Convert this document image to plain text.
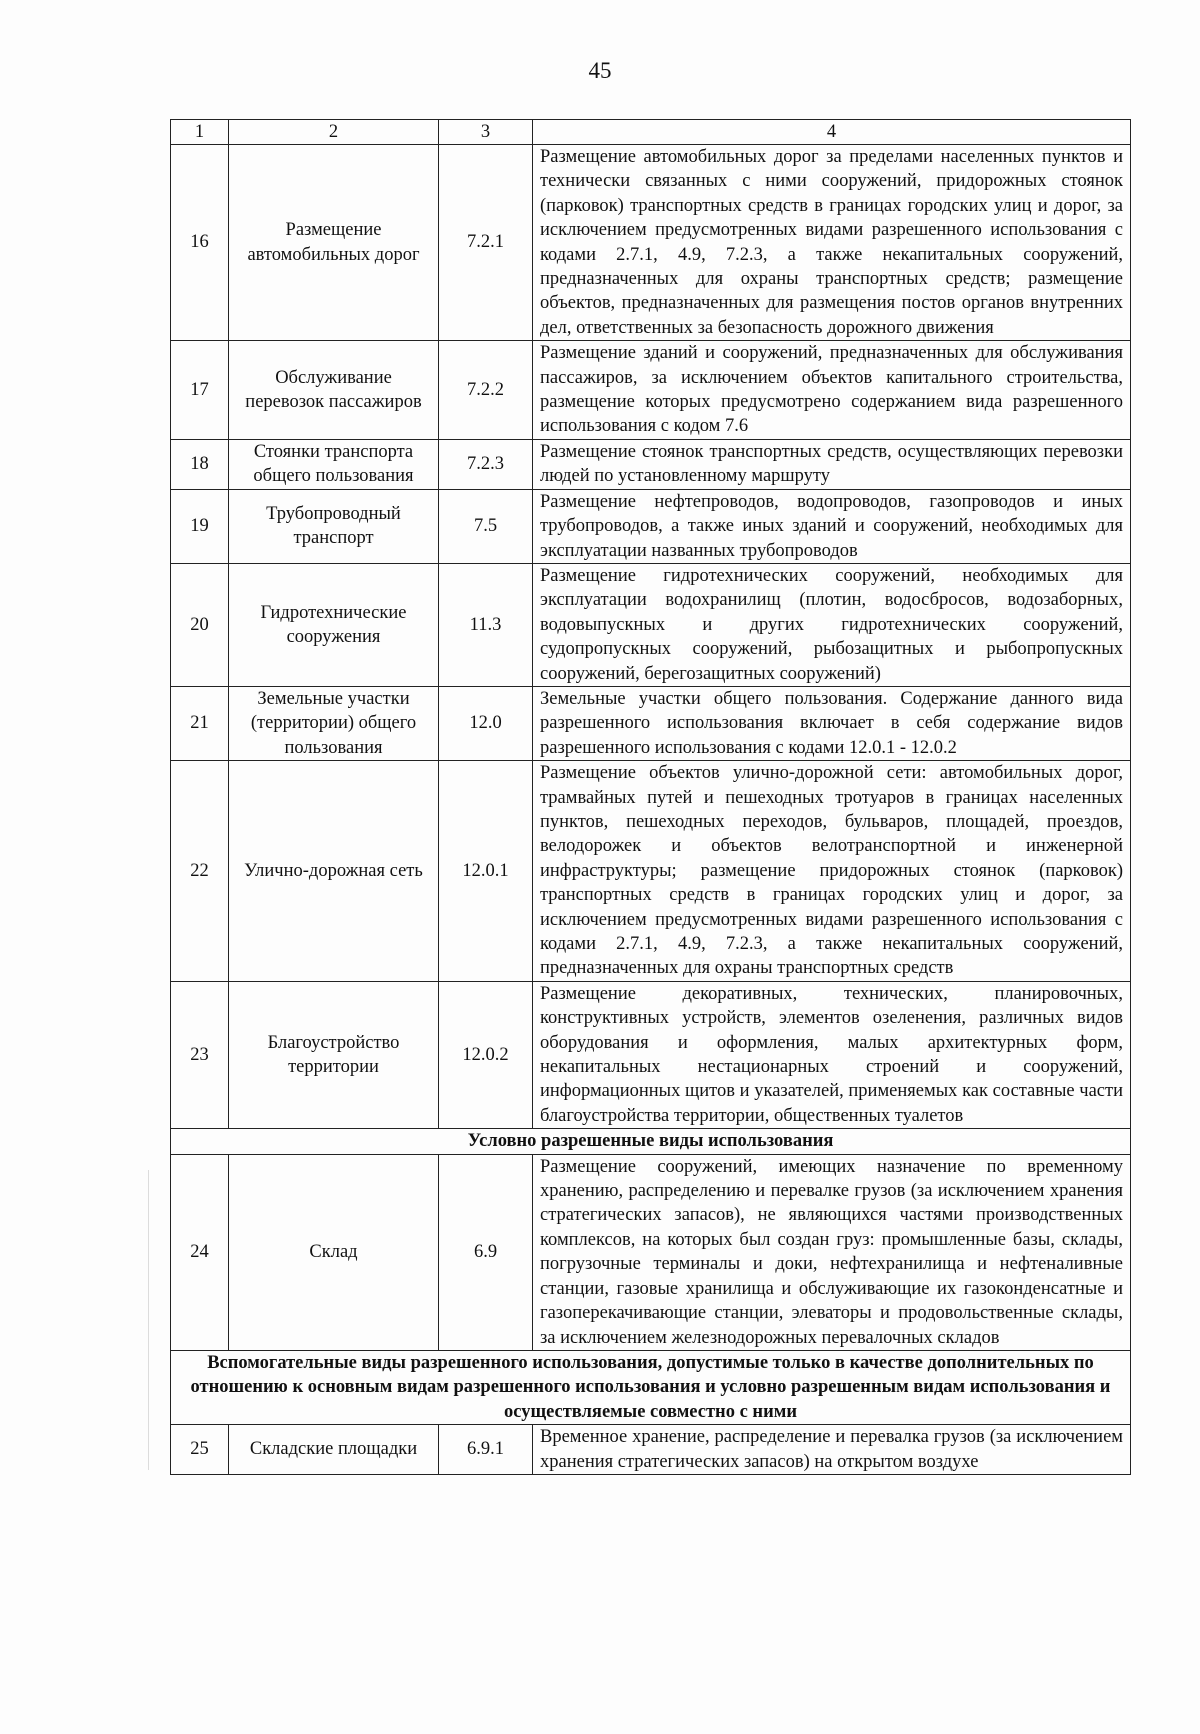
45
1	2	3	4
16	Размещение автомобильных дорог	7.2.1	Размещение автомобильных дорог за пределами населенных пунктов и технически связанных с ними сооружений, придорожных стоянок (парковок) транспортных средств в границах городских улиц и дорог, за исключением предусмотренных видами разрешенного использования с кодами 2.7.1, 4.9, 7.2.3, а также некапитальных сооружений, предназначенных для охраны транспортных средств; размещение объектов, предназначенных для размещения постов органов внутренних дел, ответственных за безопасность дорожного движения
17	Обслуживание перевозок пассажиров	7.2.2	Размещение зданий и сооружений, предназначенных для обслуживания пассажиров, за исключением объектов капитального строительства, размещение которых предусмотрено содержанием вида разрешенного использования с кодом 7.6
18	Стоянки транспорта общего пользования	7.2.3	Размещение стоянок транспортных средств, осуществляющих перевозки людей по установленному маршруту
19	Трубопроводный транспорт	7.5	Размещение нефтепроводов, водопроводов, газопроводов и иных трубопроводов, а также иных зданий и сооружений, необходимых для эксплуатации названных трубопроводов
20	Гидротехнические сооружения	11.3	Размещение гидротехнических сооружений, необходимых для эксплуатации водохранилищ (плотин, водосбросов, водозаборных, водовыпускных и других гидротехнических сооружений, судопропускных сооружений, рыбозащитных и рыбопропускных сооружений, берегозащитных сооружений)
21	Земельные участки (территории) общего пользования	12.0	Земельные участки общего пользования. Содержание данного вида разрешенного использования включает в себя содержание видов разрешенного использования с кодами 12.0.1 - 12.0.2
22	Улично-дорожная сеть	12.0.1	Размещение объектов улично-дорожной сети: автомобильных дорог, трамвайных путей и пешеходных тротуаров в границах населенных пунктов, пешеходных переходов, бульваров, площадей, проездов, велодорожек и объектов велотранспортной и инженерной инфраструктуры; размещение придорожных стоянок (парковок) транспортных средств в границах городских улиц и дорог, за исключением предусмотренных видами разрешенного использования с кодами 2.7.1, 4.9, 7.2.3, а также некапитальных сооружений, предназначенных для охраны транспортных средств
23	Благоустройство территории	12.0.2	Размещение декоративных, технических, планировочных, конструктивных устройств, элементов озеленения, различных видов оборудования и оформления, малых архитектурных форм, некапитальных нестационарных строений и сооружений, информационных щитов и указателей, применяемых как составные части благоустройства территории, общественных туалетов
Условно разрешенные виды использования			
24	Склад	6.9	Размещение сооружений, имеющих назначение по временному хранению, распределению и перевалке грузов (за исключением хранения стратегических запасов), не являющихся частями производственных комплексов, на которых был создан груз: промышленные базы, склады, погрузочные терминалы и доки, нефтехранилища и нефтеналивные станции, газовые хранилища и обслуживающие их газоконденсатные и газоперекачивающие станции, элеваторы и продовольственные склады, за исключением железнодорожных перевалочных складов
Вспомогательные виды разрешенного использования, допустимые только в качестве дополнительных по отношению к основным видам разрешенного использования и условно разрешенным видам использования и осуществляемые совместно с ними			
25	Складские площадки	6.9.1	Временное хранение, распределение и перевалка грузов (за исключением хранения стратегических запасов) на открытом воздухе
